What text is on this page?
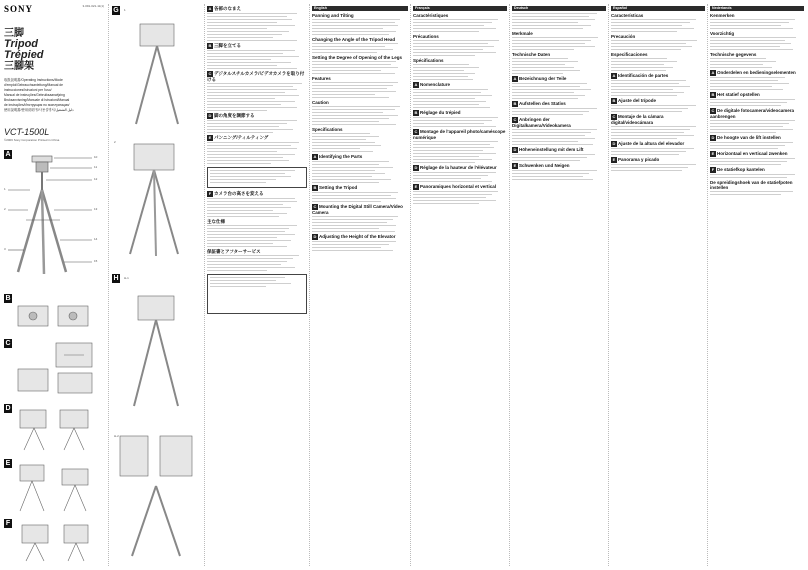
SONY	3-091-021-11(1)
三脚
Tripod
Trépied
三腳架
取扱説明書/Operating Instructions/Mode
d'emploi/Gebrauchsanleitung/Manual de
instrucciones/Istruzioni per l'uso/
Manual de instruções/Gebruiksaanwijzing
Bruksanvisning/Manuale di Istruzioni/Manual
de instruções/Инструкция по эксплуатации/
使用說明書/使用说明书/사용설명서/دليل التشغيل
VCT-1500L
©2006 Sony Corporation Printed in China
A	10
11
12
13
14
15
1
2
3
B
C
D
E
F
G	1
2
H	H-1
H-2
A 各部のなまえ
B 三脚を立てる
C デジタルスチルカメラ/ビデオカメラを取り付ける
D 脚の角度を調節する
E パンニング/ティルティング
F カメラ台の高さを変える
主な仕様
保証書とアフターサービス
English
Panning and Tilting
Changing the Angle of the Tripod Head
Setting the Degree of Opening of the Legs
Features
Caution
Specifications
A Identifying the Parts
B Setting the Tripod
C Mounting the Digital Still Camera/Video Camera
D Adjusting the Height of the Elevator
Français
Caractéristiques
Précautions
Spécifications
A Nomenclature
B Réglage du trépied
C Montage de l'appareil photo/caméscope numérique
D Réglage de la hauteur de l'élévateur
E Panoramiques horizontal et vertical
Deutsch
Merkmale
Technische Daten
A Bezeichnung der Teile
B Aufstellen des Stativs
C Anbringen der Digitalkamera/Videokamera
D Höheneinstellung mit dem Lift
E Schwenken und Neigen
Español
Características
Precaución
Especificaciones
A Identificación de partes
B Ajuste del trípode
C Montaje de la cámara digital/videocámara
D Ajuste de la altura del elevador
E Panorama y picado
Nederlands
Kenmerken
Voorzichtig
Technische gegevens
A Onderdelen en bedieningselementen
B Het statief opstellen
C De digitale fotocamera/videocamera aanbrengen
D De hoogte van de lift instellen
E Horizontaal en verticaal zwenken
F De statiefkop kantelen
De spreidingshoek van de statiefpoten instellen
